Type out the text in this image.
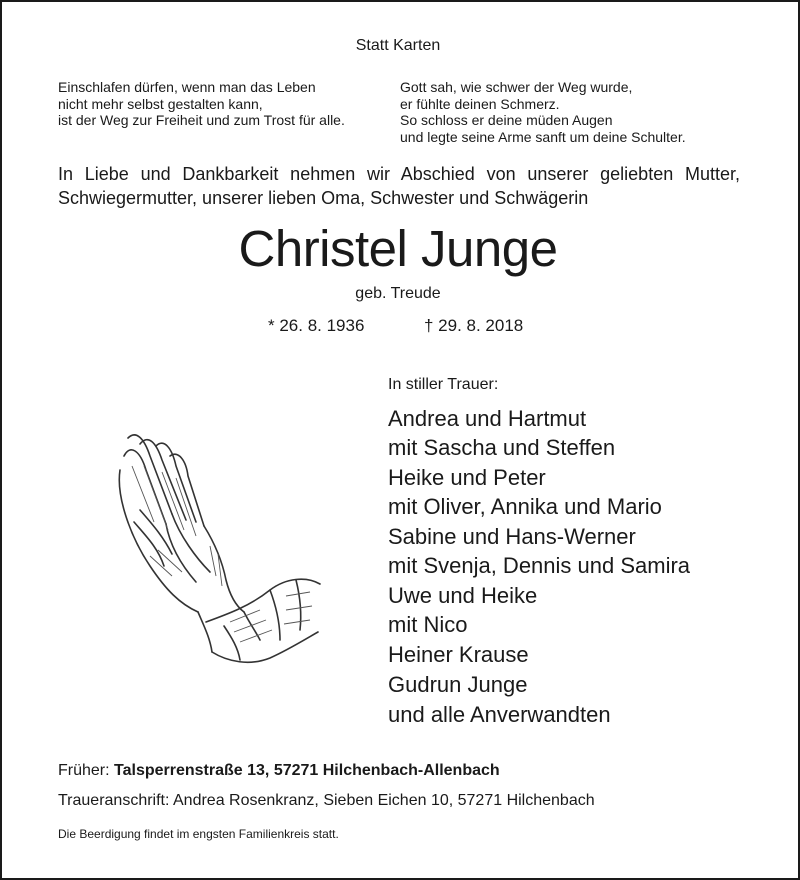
Statt Karten
Einschlafen dürfen, wenn man das Leben
nicht mehr selbst gestalten kann,
ist der Weg zur Freiheit und zum Trost für alle.
Gott sah, wie schwer der Weg wurde,
er fühlte deinen Schmerz.
So schloss er deine müden Augen
und legte seine Arme sanft um deine Schulter.
In Liebe und Dankbarkeit nehmen wir Abschied von unserer geliebten Mutter,
Schwiegermutter, unserer lieben Oma, Schwester und Schwägerin
Christel Junge
geb. Treude
* 26. 8. 1936	† 29. 8. 2018
In stiller Trauer:
Andrea und Hartmut
mit Sascha und Steffen
Heike und Peter
mit Oliver, Annika und Mario
Sabine und Hans-Werner
mit Svenja, Dennis und Samira
Uwe und Heike
mit Nico
Heiner Krause
Gudrun Junge
und alle Anverwandten
Früher: Talsperrenstraße 13, 57271 Hilchenbach-Allenbach
Traueranschrift: Andrea Rosenkranz, Sieben Eichen 10, 57271 Hilchenbach
Die Beerdigung findet im engsten Familienkreis statt.
